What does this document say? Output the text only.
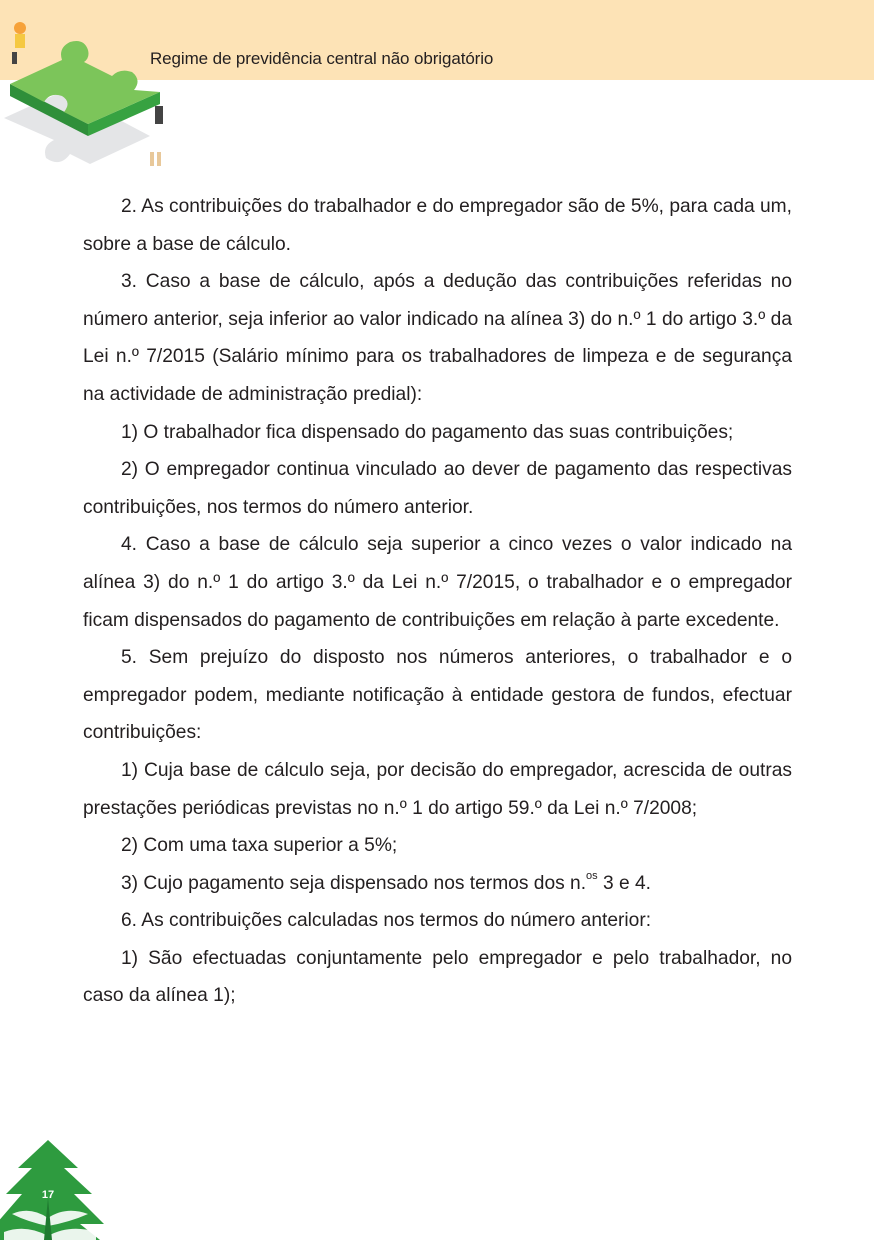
Regime de previdência central não obrigatório

2. As contribuições do trabalhador e do empregador são de 5%, para cada um, sobre a base de cálculo.

3. Caso a base de cálculo, após a dedução das contribuições referidas no número anterior, seja inferior ao valor indicado na alínea 3) do n.º 1 do artigo 3.º da Lei n.º 7/2015 (Salário mínimo para os trabalhadores de limpeza e de segurança na actividade de administração predial):

1) O trabalhador fica dispensado do pagamento das suas contribuições;

2) O empregador continua vinculado ao dever de pagamento das respectivas contribuições, nos termos do número anterior.

4. Caso a base de cálculo seja superior a cinco vezes o valor indicado na alínea 3) do n.º 1 do artigo 3.º da Lei n.º 7/2015, o trabalhador e o empregador ficam dispensados do pagamento de contribuições em relação à parte excedente.

5. Sem prejuízo do disposto nos números anteriores, o trabalhador e o empregador podem, mediante notificação à entidade gestora de fundos, efectuar contribuições:

1) Cuja base de cálculo seja, por decisão do empregador, acrescida de outras prestações periódicas previstas no n.º 1 do artigo 59.º da Lei n.º 7/2008;

2) Com uma taxa superior a 5%;

3) Cujo pagamento seja dispensado nos termos dos n.$^{os}$ 3 e 4.

6. As contribuições calculadas nos termos do número anterior:

1) São efectuadas conjuntamente pelo empregador e pelo trabalhador, no caso da alínea 1);

17
